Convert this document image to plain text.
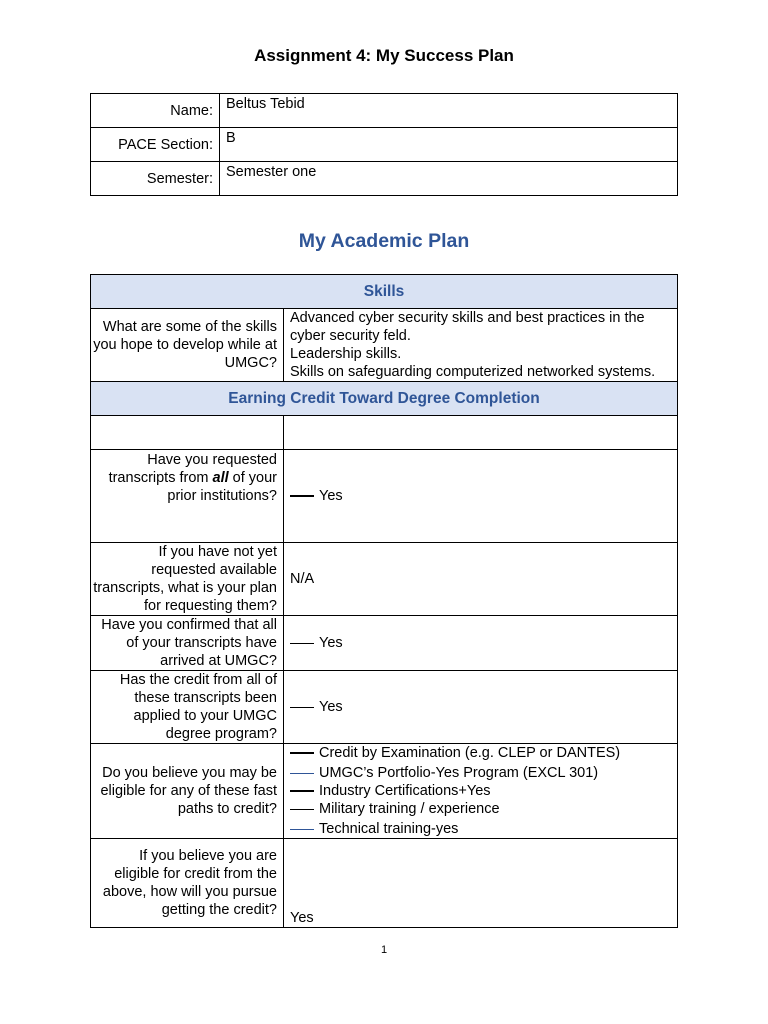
Assignment 4: My Success Plan
Name:	Beltus Tebid
PACE Section:	B
Semester:	Semester one
My Academic Plan
Skills	
What are some of the skills you hope to develop while at UMGC?	Advanced cyber security skills and best practices in the cyber security feld.
Leadership skills.
Skills on safeguarding computerized networked systems.

Earning Credit Toward Degree Completion	

Have you requested transcripts from all of your prior institutions?	Yes
If you have not yet requested available transcripts, what is your plan for requesting them?	N/A
Have you confirmed that all of your transcripts have arrived at UMGC?	Yes
Has the credit from all of these transcripts been applied to your UMGC degree program?	Yes
Do you believe you may be eligible for any of these fast paths to credit?	Credit by Examination (e.g. CLEP or DANTES)
UMGC’s Portfolio-Yes Program (EXCL 301)
Industry Certifications+Yes
Military training / experience
Technical training-yes

If you believe you are eligible for credit from the above, how will you pursue getting the credit?	Yes
1
